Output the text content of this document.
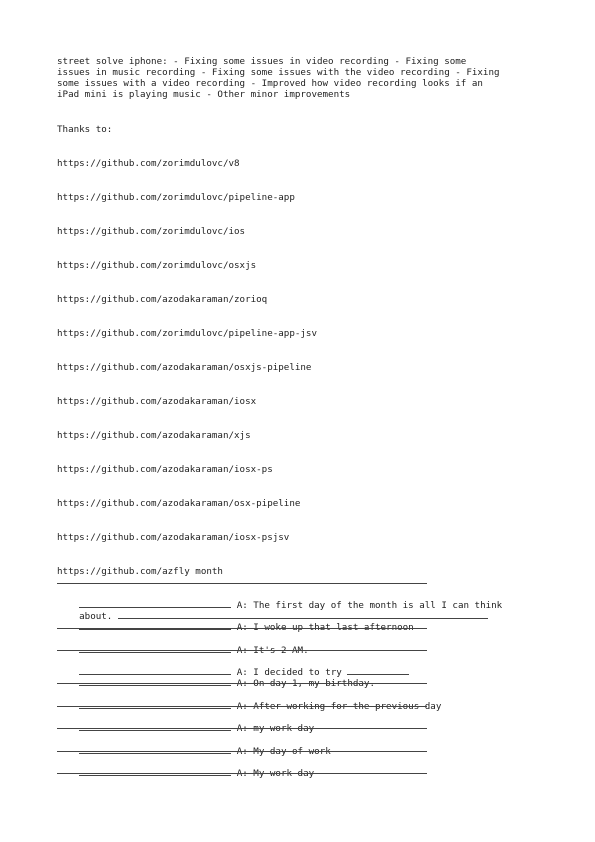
street solve iphone: - Fixing some issues in video recording - Fixing some
issues in music recording - Fixing some issues with the video recording - Fixing
some issues with a video recording - Improved how video recording looks if an
iPad mini is playing music - Other minor improvements

Thanks to:
https://github.com/zorimdulovc/v8
https://github.com/zorimdulovc/pipeline-app
https://github.com/zorimdulovc/ios
https://github.com/zorimdulovc/osxjs
https://github.com/azodakaraman/zorioq
https://github.com/zorimdulovc/pipeline-app-jsv
https://github.com/azodakaraman/osxjs-pipeline
https://github.com/azodakaraman/iosx
https://github.com/azodakaraman/xjs
https://github.com/azodakaraman/iosx-ps
https://github.com/azodakaraman/osx-pipeline
https://github.com/azodakaraman/iosx-psjsv
https://github.com/azfly month

A: The first day of the month is all I can think

about.

A: I woke up that last afternoon

A: It's 2 AM.

A: I decided to try

A: On day 1, my birthday.

A: After working for the previous day

A: my work day

A: My day of work

A: My work day
